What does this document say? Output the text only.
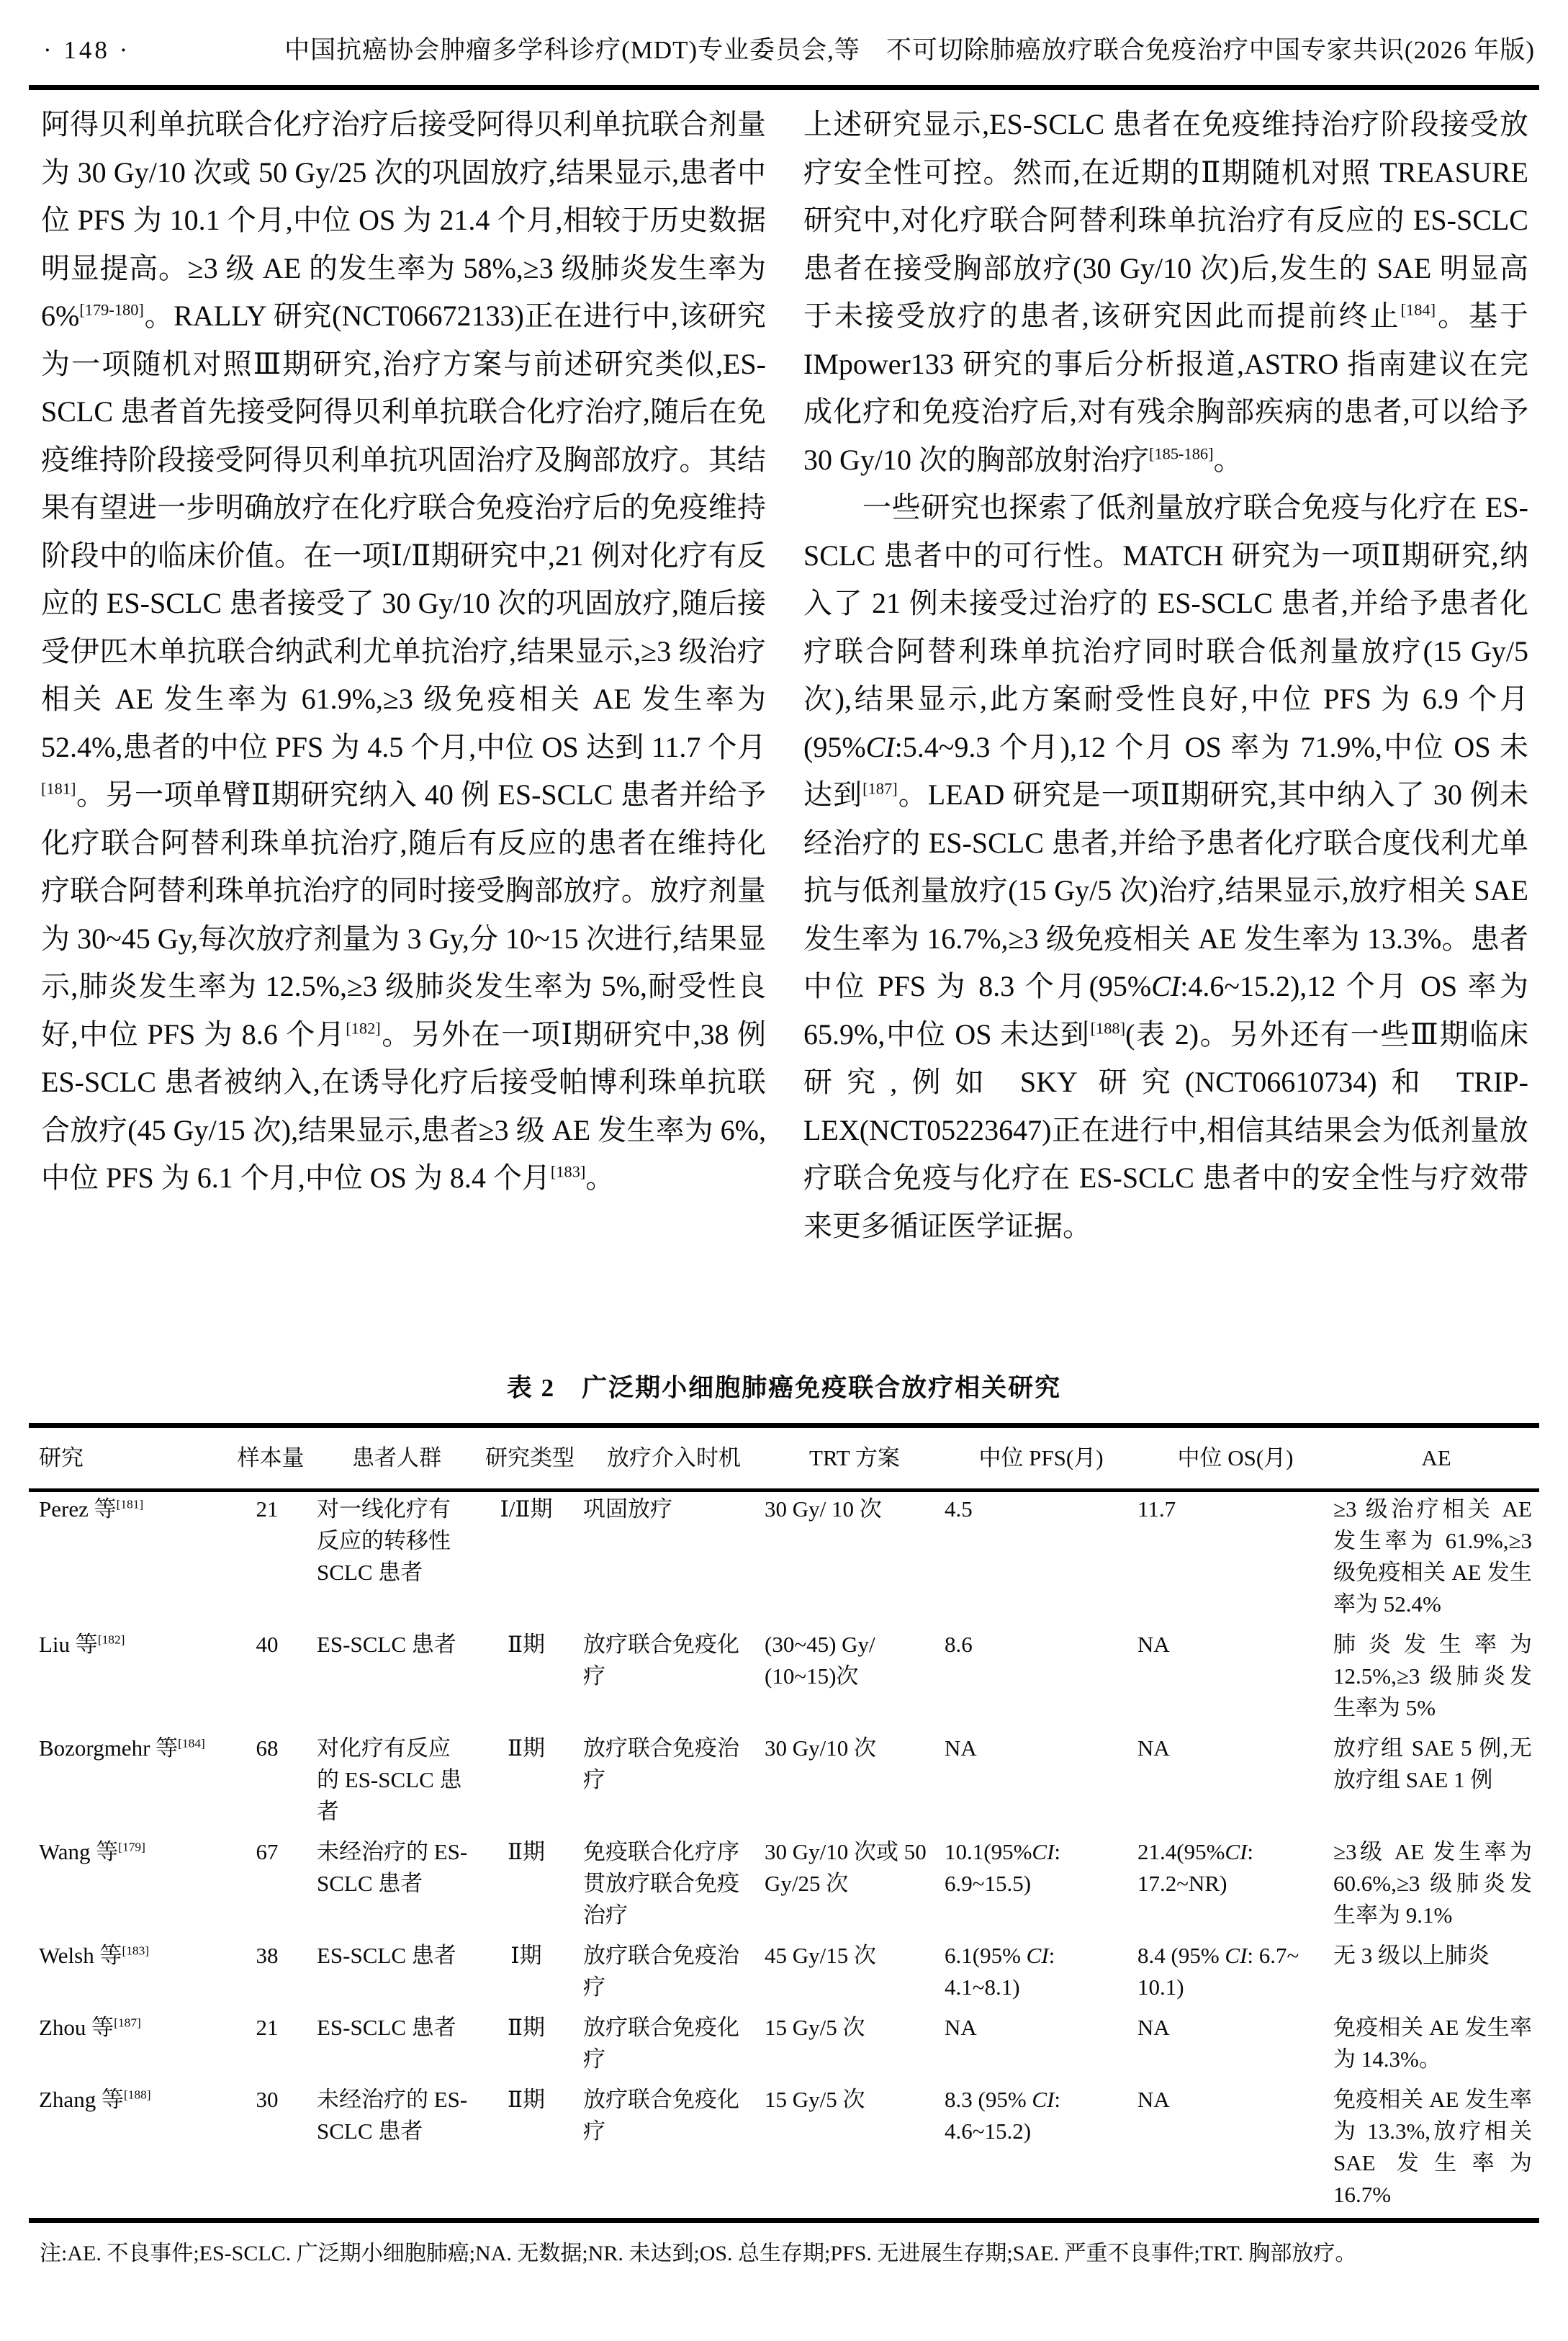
· 148 ·	中国抗癌协会肿瘤多学科诊疗(MDT)专业委员会,等　不可切除肺癌放疗联合免疫治疗中国专家共识(2026 年版)

阿得贝利单抗联合化疗治疗后接受阿得贝利单抗联合剂量为 30 Gy/10 次或 50 Gy/25 次的巩固放疗,结果显示,患者中位 PFS 为 10.1 个月,中位 OS 为 21.4 个月,相较于历史数据明显提高。≥3 级 AE 的发生率为 58%,≥3 级肺炎发生率为 6%[179-180]。RALLY 研究(NCT06672133)正在进行中,该研究为一项随机对照Ⅲ期研究,治疗方案与前述研究类似,ES-SCLC 患者首先接受阿得贝利单抗联合化疗治疗,随后在免疫维持阶段接受阿得贝利单抗巩固治疗及胸部放疗。其结果有望进一步明确放疗在化疗联合免疫治疗后的免疫维持阶段中的临床价值。在一项Ⅰ/Ⅱ期研究中,21 例对化疗有反应的 ES-SCLC 患者接受了 30 Gy/10 次的巩固放疗,随后接受伊匹木单抗联合纳武利尤单抗治疗,结果显示,≥3 级治疗相关 AE 发生率为 61.9%,≥3 级免疫相关 AE 发生率为 52.4%,患者的中位 PFS 为 4.5 个月,中位 OS 达到 11.7 个月[181]。另一项单臂Ⅱ期研究纳入 40 例 ES-SCLC 患者并给予化疗联合阿替利珠单抗治疗,随后有反应的患者在维持化疗联合阿替利珠单抗治疗的同时接受胸部放疗。放疗剂量为 30~45 Gy,每次放疗剂量为 3 Gy,分 10~15 次进行,结果显示,肺炎发生率为 12.5%,≥3 级肺炎发生率为 5%,耐受性良好,中位 PFS 为 8.6 个月[182]。另外在一项Ⅰ期研究中,38 例 ES-SCLC 患者被纳入,在诱导化疗后接受帕博利珠单抗联合放疗(45 Gy/15 次),结果显示,患者≥3 级 AE 发生率为 6%,中位 PFS 为 6.1 个月,中位 OS 为 8.4 个月[183]。

上述研究显示,ES-SCLC 患者在免疫维持治疗阶段接受放疗安全性可控。然而,在近期的Ⅱ期随机对照 TREASURE 研究中,对化疗联合阿替利珠单抗治疗有反应的 ES-SCLC 患者在接受胸部放疗(30 Gy/10 次)后,发生的 SAE 明显高于未接受放疗的患者,该研究因此而提前终止[184]。基于 IMpower133 研究的事后分析报道,ASTRO 指南建议在完成化疗和免疫治疗后,对有残余胸部疾病的患者,可以给予 30 Gy/10 次的胸部放射治疗[185-186]。

一些研究也探索了低剂量放疗联合免疫与化疗在 ES-SCLC 患者中的可行性。MATCH 研究为一项Ⅱ期研究,纳入了 21 例未接受过治疗的 ES-SCLC 患者,并给予患者化疗联合阿替利珠单抗治疗同时联合低剂量放疗(15 Gy/5 次),结果显示,此方案耐受性良好,中位 PFS 为 6.9 个月(95%CI:5.4~9.3 个月),12 个月 OS 率为 71.9%,中位 OS 未达到[187]。LEAD 研究是一项Ⅱ期研究,其中纳入了 30 例未经治疗的 ES-SCLC 患者,并给予患者化疗联合度伐利尤单抗与低剂量放疗(15 Gy/5 次)治疗,结果显示,放疗相关 SAE 发生率为 16.7%,≥3 级免疫相关 AE 发生率为 13.3%。患者中位 PFS 为 8.3 个月(95%CI:4.6~15.2),12 个月 OS 率为 65.9%,中位 OS 未达到[188](表 2)。另外还有一些Ⅲ期临床研究,例如 SKY 研究(NCT06610734)和 TRIP-LEX(NCT05223647)正在进行中,相信其结果会为低剂量放疗联合免疫与化疗在 ES-SCLC 患者中的安全性与疗效带来更多循证医学证据。

表 2　广泛期小细胞肺癌免疫联合放疗相关研究
研究	样本量	患者人群	研究类型	放疗介入时机	TRT 方案	中位 PFS(月)	中位 OS(月)	AE
Perez 等[181]	21	对一线化疗有反应的转移性 SCLC 患者	Ⅰ/Ⅱ期	巩固放疗	30 Gy/ 10 次	4.5	11.7	≥3 级治疗相关 AE 发生率为 61.9%,≥3 级免疫相关 AE 发生率为 52.4%
Liu 等[182]	40	ES-SCLC 患者	Ⅱ期	放疗联合免疫化疗	(30~45) Gy/ (10~15)次	8.6	NA	肺炎发生率为 12.5%,≥3 级肺炎发生率为 5%
Bozorgmehr 等[184]	68	对化疗有反应的 ES-SCLC 患者	Ⅱ期	放疗联合免疫治疗	30 Gy/10 次	NA	NA	放疗组 SAE 5 例,无放疗组 SAE 1 例
Wang 等[179]	67	未经治疗的 ES-SCLC 患者	Ⅱ期	免疫联合化疗序贯放疗联合免疫治疗	30 Gy/10 次或 50 Gy/25 次	10.1(95%CI: 6.9~15.5)	21.4(95%CI: 17.2~NR)	≥3级 AE 发生率为 60.6%,≥3 级肺炎发生率为 9.1%
Welsh 等[183]	38	ES-SCLC 患者	Ⅰ期	放疗联合免疫治疗	45 Gy/15 次	6.1(95% CI: 4.1~8.1)	8.4 (95% CI: 6.7~ 10.1)	无 3 级以上肺炎
Zhou 等[187]	21	ES-SCLC 患者	Ⅱ期	放疗联合免疫化疗	15 Gy/5 次	NA	NA	免疫相关 AE 发生率为 14.3%。
Zhang 等[188]	30	未经治疗的 ES-SCLC 患者	Ⅱ期	放疗联合免疫化疗	15 Gy/5 次	8.3 (95% CI: 4.6~15.2)	NA	免疫相关 AE 发生率为 13.3%,放疗相关 SAE 发生率为 16.7%
注:AE. 不良事件;ES-SCLC. 广泛期小细胞肺癌;NA. 无数据;NR. 未达到;OS. 总生存期;PFS. 无进展生存期;SAE. 严重不良事件;TRT. 胸部放疗。
